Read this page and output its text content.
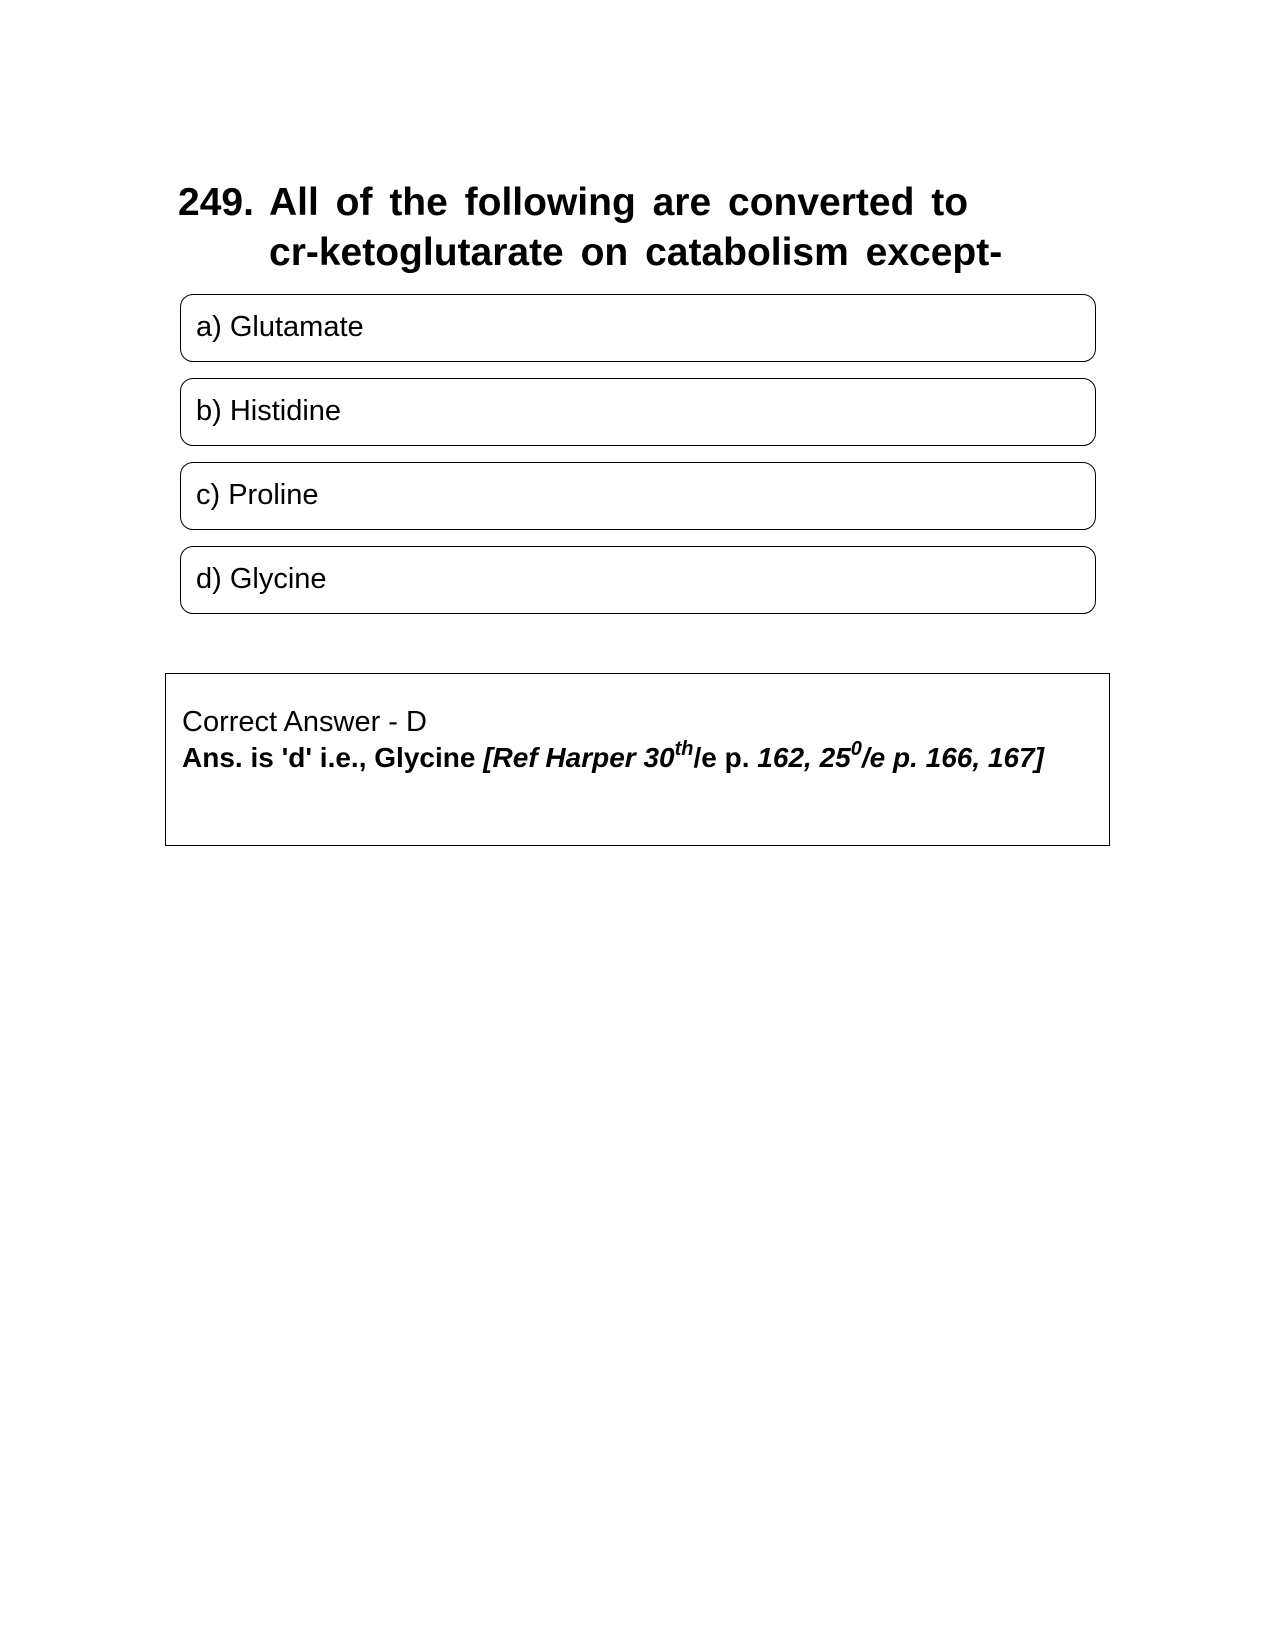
249. All of the following are converted to
cr-ketoglutarate on catabolism except-
a) Glutamate
b) Histidine
c) Proline
d) Glycine
Correct Answer - D
Ans. is 'd' i.e., Glycine [Ref Harper 30th/e p. 162, $25^0/e$ p. 166, 167]
